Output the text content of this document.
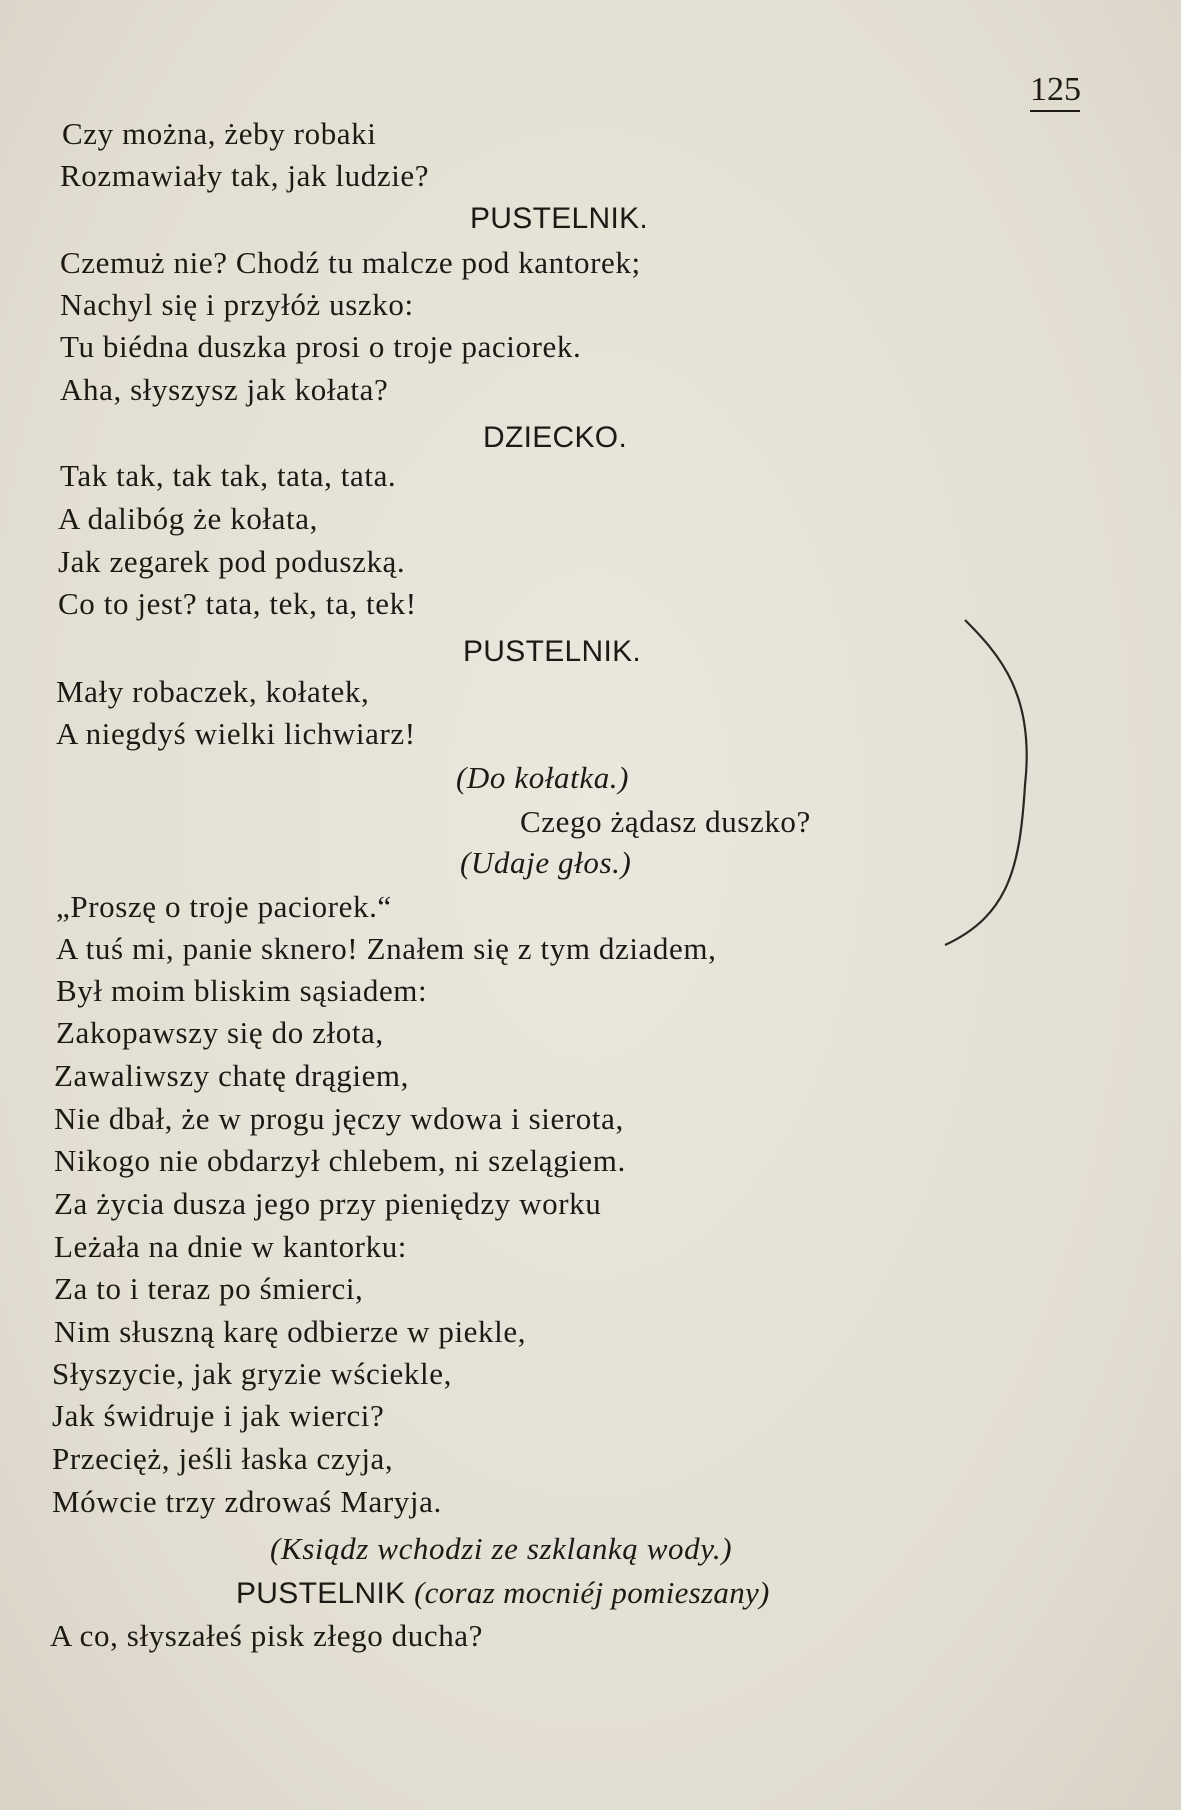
125
Czy można, żeby robaki
Rozmawiały tak, jak ludzie?
PUSTELNIK.
Czemuż nie? Chodź tu malcze pod kantorek;
Nachyl się i przyłóż uszko:
Tu biédna duszka prosi o troje paciorek.
Aha, słyszysz jak kołata?
DZIECKO.
Tak tak, tak tak, tata, tata.
A dalibóg że kołata,
Jak zegarek pod poduszką.
Co to jest? tata, tek, ta, tek!
PUSTELNIK.
Mały robaczek, kołatek,
A niegdyś wielki lichwiarz!
(Do kołatka.)
Czego żądasz duszko?
(Udaje głos.)
„Proszę o troje paciorek.“
A tuś mi, panie sknero! Znałem się z tym dziadem,
Był moim bliskim sąsiadem:
Zakopawszy się do złota,
Zawaliwszy chatę drągiem,
Nie dbał, że w progu jęczy wdowa i sierota,
Nikogo nie obdarzył chlebem, ni szelągiem.
Za życia dusza jego przy pieniędzy worku
Leżała na dnie w kantorku:
Za to i teraz po śmierci,
Nim słuszną karę odbierze w piekle,
Słyszycie, jak gryzie wściekle,
Jak świdruje i jak wierci?
Przecięż, jeśli łaska czyja,
Mówcie trzy zdrowaś Maryja.
(Ksiądz wchodzi ze szklanką wody.)
PUSTELNIK (coraz mocniéj pomieszany)
A co, słyszałeś pisk złego ducha?
